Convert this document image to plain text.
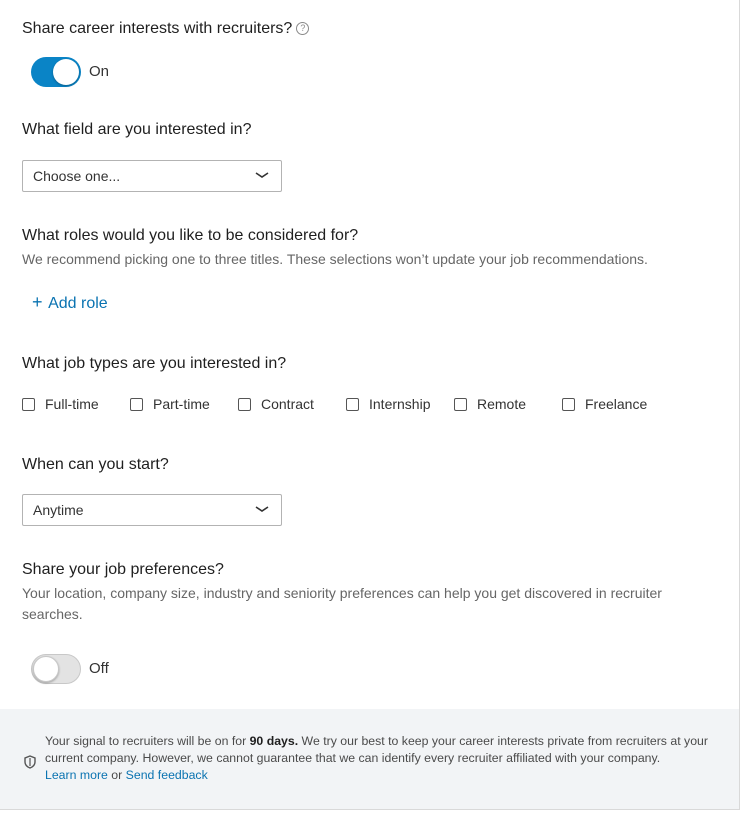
Share career interests with recruiters? ?
On
What field are you interested in?
Choose one...
What roles would you like to be considered for?
We recommend picking one to three titles. These selections won’t update your job recommendations.
+ Add role
What job types are you interested in?
Full-time	Part-time	Contract	Internship	Remote	Freelance
When can you start?
Anytime
Share your job preferences?
Your location, company size, industry and seniority preferences can help you get discovered in recruiter searches.
Off
Your signal to recruiters will be on for 90 days. We try our best to keep your career interests private from recruiters at your current company. However, we cannot guarantee that we can identify every recruiter affiliated with your company.
Learn more or Send feedback
